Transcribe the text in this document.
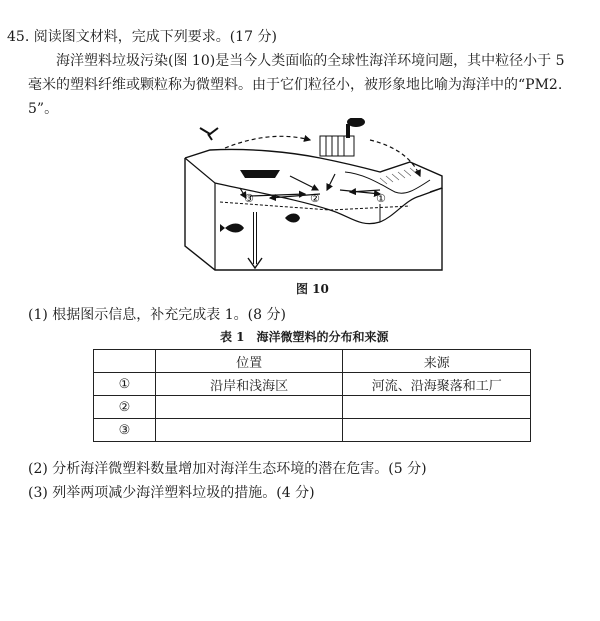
45. 阅读图文材料，完成下列要求。(17 分)
海洋塑料垃圾污染(图 10)是当今人类面临的全球性海洋环境问题，其中粒径小于 5
毫米的塑料纤维或颗粒称为微塑料。由于它们粒径小，被形象地比喻为海洋中的“PM2.
5”。
③	②	①
图 10
(1) 根据图示信息，补充完成表 1。(8 分)
表 1　海洋微塑料的分布和来源
	位置	来源
①	沿岸和浅海区	河流、沿海聚落和工厂
②		
③		
(2) 分析海洋微塑料数量增加对海洋生态环境的潜在危害。(5 分)
(3) 列举两项减少海洋塑料垃圾的措施。(4 分)
